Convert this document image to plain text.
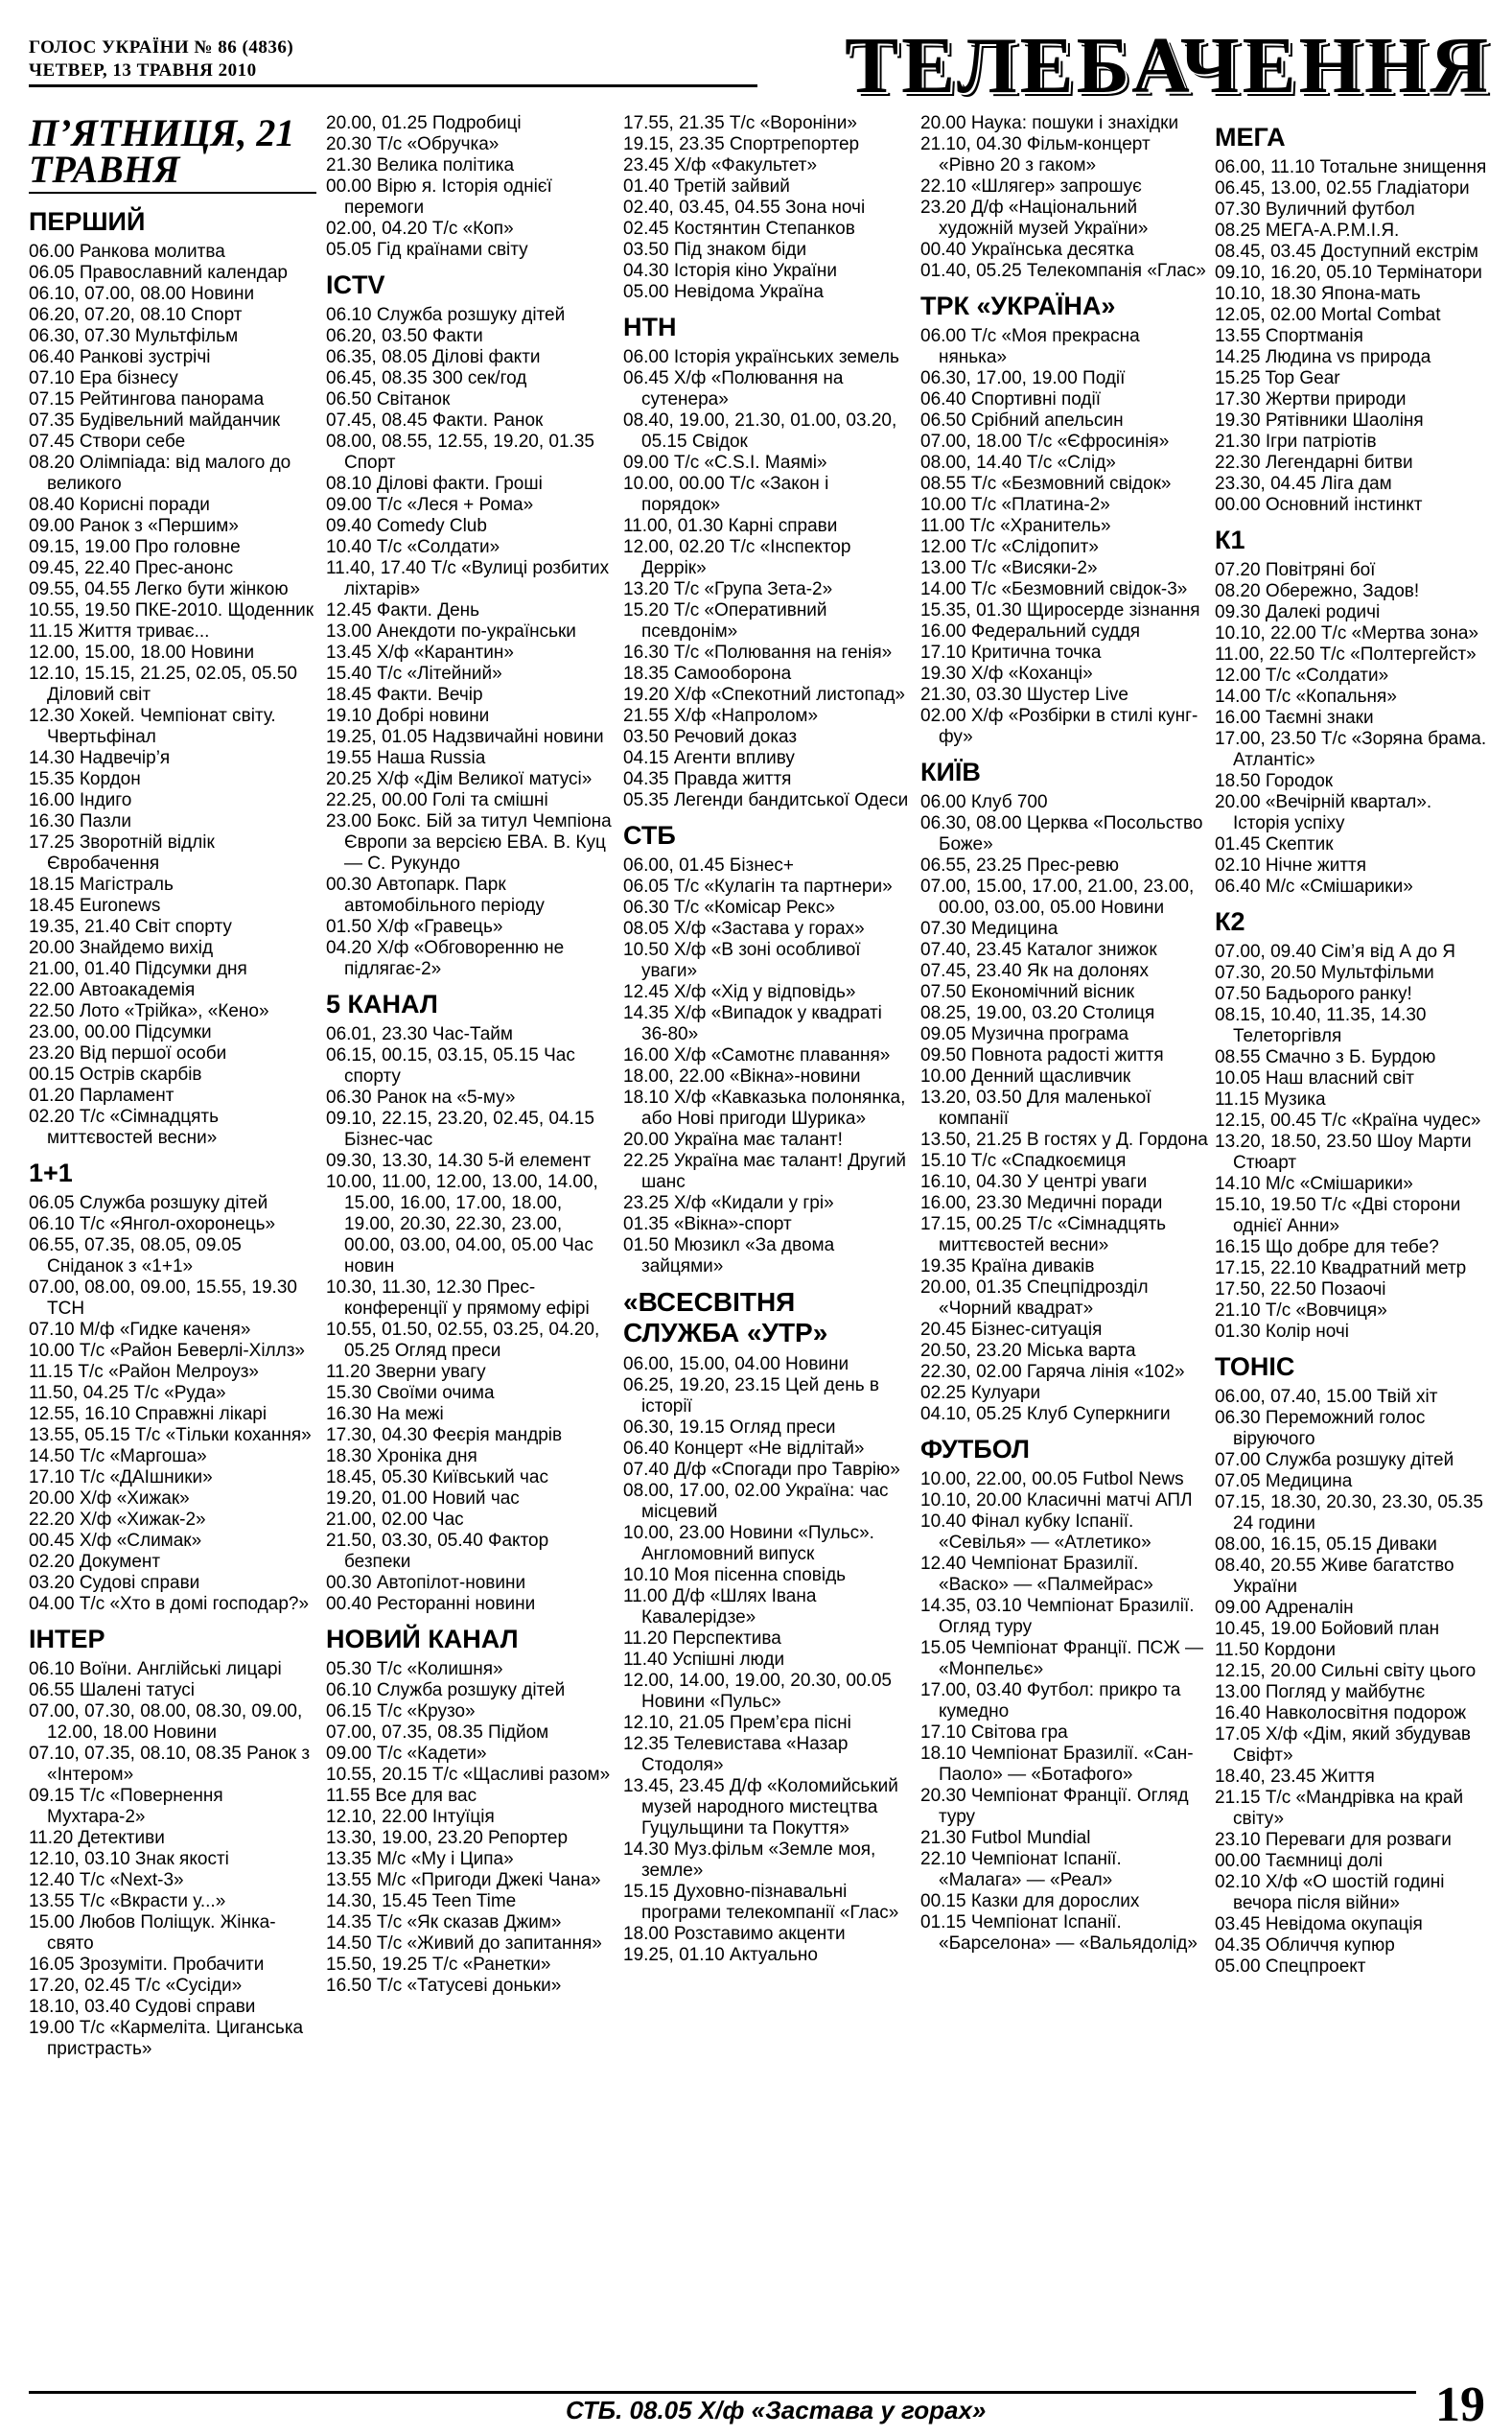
ГОЛОС УКРАЇНИ № 86 (4836)
ЧЕТВЕР, 13 ТРАВНЯ 2010	ТЕЛЕБАЧЕННЯ
П’ЯТНИЦЯ, 21 ТРАВНЯ
ПЕРШИЙ
06.00 Ранкова молитва
06.05 Православний календар
06.10, 07.00, 08.00 Новини
06.20, 07.20, 08.10 Спорт
06.30, 07.30 Мультфільм
06.40 Ранкові зустрічі
07.10 Ера бізнесу
07.15 Рейтингова панорама
07.35 Будівельний майданчик
07.45 Створи себе
08.20 Олімпіада: від малого до великого
08.40 Корисні поради
09.00 Ранок з «Першим»
09.15, 19.00 Про головне
09.45, 22.40 Прес-анонс
09.55, 04.55 Легко бути жінкою
10.55, 19.50 ПКЕ-2010. Щоденник
11.15 Життя триває...
12.00, 15.00, 18.00 Новини
12.10, 15.15, 21.25, 02.05, 05.50 Діловий світ
12.30 Хокей. Чемпіонат світу. Чвертьфінал
14.30 Надвечір’я
15.35 Кордон
16.00 Індиго
16.30 Пазли
17.25 Зворотній відлік Євробачення
18.15 Магістраль
18.45 Euronews
19.35, 21.40 Світ спорту
20.00 Знайдемо вихід
21.00, 01.40 Підсумки дня
22.00 Автоакадемія
22.50 Лото «Трійка», «Кено»
23.00, 00.00 Підсумки
23.20 Від першої особи
00.15 Острів скарбів
01.20 Парламент
02.20 Т/с «Сімнадцять миттєвостей весни»
1+1
06.05 Служба розшуку дітей
06.10 Т/с «Янгол-охоронець»
06.55, 07.35, 08.05, 09.05 Сніданок з «1+1»
07.00, 08.00, 09.00, 15.55, 19.30 ТСН
07.10 М/ф «Гидке каченя»
10.00 Т/с «Район Беверлі-Хіллз»
11.15 Т/с «Район Мелроуз»
11.50, 04.25 Т/с «Руда»
12.55, 16.10 Справжні лікарі
13.55, 05.15 Т/с «Тільки кохання»
14.50 Т/с «Маргоша»
17.10 Т/с «ДАІшники»
20.00 Х/ф «Хижак»
22.20 Х/ф «Хижак-2»
00.45 Х/ф «Слимак»
02.20 Документ
03.20 Судові справи
04.00 Т/с «Хто в домі господар?»
ІНТЕР
06.10 Воїни. Англійські лицарі
06.55 Шалені татусі
07.00, 07.30, 08.00, 08.30, 09.00, 12.00, 18.00 Новини
07.10, 07.35, 08.10, 08.35 Ранок з «Інтером»
09.15 Т/с «Повернення Мухтара-2»
11.20 Детективи
12.10, 03.10 Знак якості
12.40 Т/с «Next-3»
13.55 Т/с «Вкрасти у...»
15.00 Любов Поліщук. Жінка-свято
16.05 Зрозуміти. Пробачити
17.20, 02.45 Т/с «Сусіди»
18.10, 03.40 Судові справи
19.00 Т/с «Кармеліта. Циганська пристрасть»
20.00, 01.25 Подробиці
20.30 Т/с «Обручка»
21.30 Велика політика
00.00 Вірю я. Історія однієї перемоги
02.00, 04.20 Т/с «Коп»
05.05 Гід країнами світу
ICTV
06.10 Служба розшуку дітей
06.20, 03.50 Факти
06.35, 08.05 Ділові факти
06.45, 08.35 300 сек/год
06.50 Світанок
07.45, 08.45 Факти. Ранок
08.00, 08.55, 12.55, 19.20, 01.35 Спорт
08.10 Ділові факти. Гроші
09.00 Т/с «Леся + Рома»
09.40 Comedy Club
10.40 Т/с «Солдати»
11.40, 17.40 Т/с «Вулиці розбитих ліхтарів»
12.45 Факти. День
13.00 Анекдоти по-українськи
13.45 Х/ф «Карантин»
15.40 Т/с «Літейний»
18.45 Факти. Вечір
19.10 Добрі новини
19.25, 01.05 Надзвичайні новини
19.55 Наша Russia
20.25 Х/ф «Дім Великої матусі»
22.25, 00.00 Голі та смішні
23.00 Бокс. Бій за титул Чемпіона Європи за версією EBA. В. Куц — С. Рукундо
00.30 Автопарк. Парк автомобільного періоду
01.50 Х/ф «Гравець»
04.20 Х/ф «Обговоренню не підлягає-2»
5 КАНАЛ
06.01, 23.30 Час-Тайм
06.15, 00.15, 03.15, 05.15 Час спорту
06.30 Ранок на «5-му»
09.10, 22.15, 23.20, 02.45, 04.15 Бізнес-час
09.30, 13.30, 14.30 5-й елемент
10.00, 11.00, 12.00, 13.00, 14.00, 15.00, 16.00, 17.00, 18.00, 19.00, 20.30, 22.30, 23.00, 00.00, 03.00, 04.00, 05.00 Час новин
10.30, 11.30, 12.30 Прес-конференції у прямому ефірі
10.55, 01.50, 02.55, 03.25, 04.20, 05.25 Огляд преси
11.20 Зверни увагу
15.30 Своїми очима
16.30 На межі
17.30, 04.30 Феєрія мандрів
18.30 Хроніка дня
18.45, 05.30 Київський час
19.20, 01.00 Новий час
21.00, 02.00 Час
21.50, 03.30, 05.40 Фактор безпеки
00.30 Автопілот-новини
00.40 Ресторанні новини
НОВИЙ КАНАЛ
05.30 Т/с «Колишня»
06.10 Служба розшуку дітей
06.15 Т/с «Крузо»
07.00, 07.35, 08.35 Підйом
09.00 Т/с «Кадети»
10.55, 20.15 Т/с «Щасливі разом»
11.55 Все для вас
12.10, 22.00 Інтуїція
13.30, 19.00, 23.20 Репортер
13.35 М/с «Му і Ципа»
13.55 М/с «Пригоди Джекі Чана»
14.30, 15.45 Teen Time
14.35 Т/с «Як сказав Джим»
14.50 Т/с «Живий до запитання»
15.50, 19.25 Т/с «Ранетки»
16.50 Т/с «Татусеві доньки»
17.55, 21.35 Т/с «Вороніни»
19.15, 23.35 Спортрепортер
23.45 Х/ф «Факультет»
01.40 Третій зайвий
02.40, 03.45, 04.55 Зона ночі
02.45 Костянтин Степанков
03.50 Під знаком біди
04.30 Історія кіно України
05.00 Невідома Україна
НТН
06.00 Історія українських земель
06.45 Х/ф «Полювання на сутенера»
08.40, 19.00, 21.30, 01.00, 03.20, 05.15 Свідок
09.00 Т/с «C.S.I. Маямі»
10.00, 00.00 Т/с «Закон і порядок»
11.00, 01.30 Карні справи
12.00, 02.20 Т/с «Інспектор Деррік»
13.20 Т/с «Група Зета-2»
15.20 Т/с «Оперативний псевдонім»
16.30 Т/с «Полювання на генія»
18.35 Самооборона
19.20 Х/ф «Спекотний листопад»
21.55 Х/ф «Напролом»
03.50 Речовий доказ
04.15 Агенти впливу
04.35 Правда життя
05.35 Легенди бандитської Одеси
СТБ
06.00, 01.45 Бізнес+
06.05 Т/с «Кулагін та партнери»
06.30 Т/с «Комісар Рекс»
08.05 Х/ф «Застава у горах»
10.50 Х/ф «В зоні особливої уваги»
12.45 Х/ф «Хід у відповідь»
14.35 Х/ф «Випадок у квадраті 36-80»
16.00 Х/ф «Самотнє плавання»
18.00, 22.00 «Вікна»-новини
18.10 Х/ф «Кавказька полонянка, або Нові пригоди Шурика»
20.00 Україна має талант!
22.25 Україна має талант! Другий шанс
23.25 Х/ф «Кидали у грі»
01.35 «Вікна»-спорт
01.50 Мюзикл «За двома зайцями»
«ВСЕСВІТНЯ СЛУЖБА «УТР»
06.00, 15.00, 04.00 Новини
06.25, 19.20, 23.15 Цей день в історії
06.30, 19.15 Огляд преси
06.40 Концерт «Не відлітай»
07.40 Д/ф «Спогади про Таврію»
08.00, 17.00, 02.00 Україна: час місцевий
10.00, 23.00 Новини «Пульс». Англомовний випуск
10.10 Моя пісенна сповідь
11.00 Д/ф «Шлях Івана Кавалерідзе»
11.20 Перспектива
11.40 Успішні люди
12.00, 14.00, 19.00, 20.30, 00.05 Новини «Пульс»
12.10, 21.05 Прем’єра пісні
12.35 Телевистава «Назар Стодоля»
13.45, 23.45 Д/ф «Коломийський музей народного мистецтва Гуцульщини та Покуття»
14.30 Муз.фільм «Земле моя, земле»
15.15 Духовно-пізнавальні програми телекомпанії «Глас»
18.00 Розставимо акценти
19.25, 01.10 Актуально
20.00 Наука: пошуки і знахідки
21.10, 04.30 Фільм-концерт «Рівно 20 з гаком»
22.10 «Шлягер» запрошує
23.20 Д/ф «Національний художній музей України»
00.40 Українська десятка
01.40, 05.25 Телекомпанія «Глас»
ТРК «УКРАЇНА»
06.00 Т/с «Моя прекрасна нянька»
06.30, 17.00, 19.00 Події
06.40 Спортивні події
06.50 Срібний апельсин
07.00, 18.00 Т/с «Єфросинія»
08.00, 14.40 Т/с «Слід»
08.55 Т/с «Безмовний свідок»
10.00 Т/с «Платина-2»
11.00 Т/с «Хранитель»
12.00 Т/с «Слідопит»
13.00 Т/с «Висяки-2»
14.00 Т/с «Безмовний свідок-3»
15.35, 01.30 Щиросерде зізнання
16.00 Федеральний суддя
17.10 Критична точка
19.30 Х/ф «Коханці»
21.30, 03.30 Шустер Live
02.00 Х/ф «Розбірки в стилі кунг-фу»
КИЇВ
06.00 Клуб 700
06.30, 08.00 Церква «Посольство Боже»
06.55, 23.25 Прес-ревю
07.00, 15.00, 17.00, 21.00, 23.00, 00.00, 03.00, 05.00 Новини
07.30 Медицина
07.40, 23.45 Каталог знижок
07.45, 23.40 Як на долонях
07.50 Економічний вісник
08.25, 19.00, 03.20 Столиця
09.05 Музична програма
09.50 Повнота радості життя
10.00 Денний щасливчик
13.20, 03.50 Для маленької компанії
13.50, 21.25 В гостях у Д. Гордона
15.10 Т/с «Спадкоємиця
16.10, 04.30 У центрі уваги
16.00, 23.30 Медичні поради
17.15, 00.25 Т/с «Сімнадцять миттєвостей весни»
19.35 Країна диваків
20.00, 01.35 Спецпідрозділ «Чорний квадрат»
20.45 Бізнес-ситуація
20.50, 23.20 Міська варта
22.30, 02.00 Гаряча лінія «102»
02.25 Кулуари
04.10, 05.25 Клуб Суперкниги
ФУТБОЛ
10.00, 22.00, 00.05 Futbol News
10.10, 20.00 Класичні матчі АПЛ
10.40 Фінал кубку Іспанії. «Севілья» — «Атлетико»
12.40 Чемпіонат Бразилії. «Васко» — «Палмейрас»
14.35, 03.10 Чемпіонат Бразилії. Огляд туру
15.05 Чемпіонат Франції. ПСЖ — «Монпельє»
17.00, 03.40 Футбол: прикро та кумедно
17.10 Світова гра
18.10 Чемпіонат Бразилії. «Сан-Паоло» — «Ботафого»
20.30 Чемпіонат Франції. Огляд туру
21.30 Futbol Mundial
22.10 Чемпіонат Іспанії. «Малага» — «Реал»
00.15 Казки для дорослих
01.15 Чемпіонат Іспанії. «Барселона» — «Вальядолід»
МЕГА
06.00, 11.10 Тотальне знищення
06.45, 13.00, 02.55 Гладіатори
07.30 Вуличний футбол
08.25 МЕГА-А.Р.М.І.Я.
08.45, 03.45 Доступний екстрім
09.10, 16.20, 05.10 Термінатори
10.10, 18.30 Япона-мать
12.05, 02.00 Mortal Combat
13.55 Спортманія
14.25 Людина vs природа
15.25 Top Gear
17.30 Жертви природи
19.30 Рятівники Шаоліня
21.30 Ігри патріотів
22.30 Легендарні битви
23.30, 04.45 Ліга дам
00.00 Основний інстинкт
К1
07.20 Повітряні бої
08.20 Обережно, Задов!
09.30 Далекі родичі
10.10, 22.00 Т/с «Мертва зона»
11.00, 22.50 Т/с «Полтергейст»
12.00 Т/с «Солдати»
14.00 Т/с «Копальня»
16.00 Таємні знаки
17.00, 23.50 Т/с «Зоряна брама. Атлантіс»
18.50 Городок
20.00 «Вечірній квартал». Історія успіху
01.45 Скептик
02.10 Нічне життя
06.40 М/с «Смішарики»
К2
07.00, 09.40 Сім’я від А до Я
07.30, 20.50 Мультфільми
07.50 Бадьорого ранку!
08.15, 10.40, 11.35, 14.30 Телеторгівля
08.55 Смачно з Б. Бурдою
10.05 Наш власний світ
11.15 Музика
12.15, 00.45 Т/с «Країна чудес»
13.20, 18.50, 23.50 Шоу Марти Стюарт
14.10 М/с «Смішарики»
15.10, 19.50 Т/с «Дві сторони однієї Анни»
16.15 Що добре для тебе?
17.15, 22.10 Квадратний метр
17.50, 22.50 Позаочі
21.10 Т/с «Вовчиця»
01.30 Колір ночі
ТОНІС
06.00, 07.40, 15.00 Твій хіт
06.30 Переможний голос віруючого
07.00 Служба розшуку дітей
07.05 Медицина
07.15, 18.30, 20.30, 23.30, 05.35 24 години
08.00, 16.15, 05.15 Диваки
08.40, 20.55 Живе багатство України
09.00 Адреналін
10.45, 19.00 Бойовий план
11.50 Кордони
12.15, 20.00 Сильні світу цього
13.00 Погляд у майбутнє
16.40 Навколосвітня подорож
17.05 Х/ф «Дім, який збудував Свіфт»
18.40, 23.45 Життя
21.15 Т/с «Мандрівка на край світу»
23.10 Переваги для розваги
00.00 Таємниці долі
02.10 Х/ф «О шостій годині вечора після війни»
03.45 Невідома окупація
04.35 Обличчя купюр
05.00 Спецпроект
СТБ. 08.05 Х/ф «Застава у горах»	19
